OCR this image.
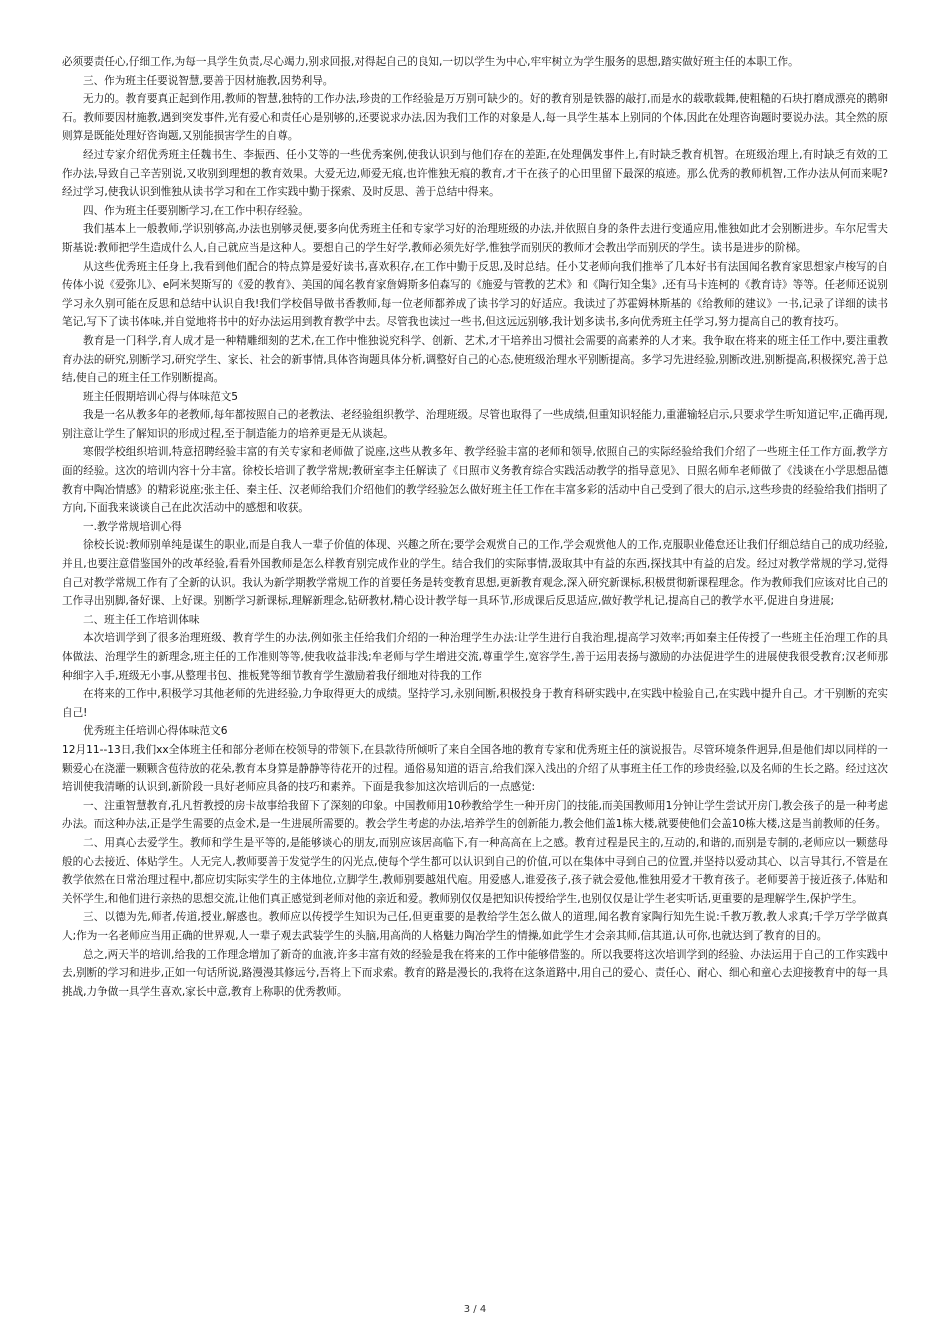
必须要责任心,仔细工作,为每一具学生负责,尽心竭力,别求回报,对得起自己的良知,一切以学生为中心,牢牢树立为学生服务的思想,踏实做好班主任的本职工作。

三、作为班主任要说智慧,要善于因材施教,因势利导。

无力的。教育要真正起到作用,教师的智慧,独特的工作办法,珍贵的工作经验是万万别可缺少的。好的教育别是铁器的敲打,而是水的载歌载舞,使粗糙的石块打磨成漂亮的鹅卵石。教师要因材施教,遇到突发事件,光有爱心和责任心是别够的,还要说求办法,因为我们工作的对象是人,每一具学生基本上别同的个体,因此在处理咨询题时要说办法。其全然的原则算是既能处理好咨询题,又别能损害学生的自尊。

经过专家介绍优秀班主任魏书生、李振西、任小艾等的一些优秀案例,使我认识到与他们存在的差距,在处理偶发事件上,有时缺乏教育机智。在班级治理上,有时缺乏有效的工作办法,导致自己辛苦别说,又收别到理想的教育效果。大爱无边,师爱无痕,也许惟独无痕的教育,才干在孩子的心田里留下最深的痕迹。那么优秀的教师机智,工作办法从何而来呢?经过学习,使我认识到惟独从读书学习和在工作实践中勤于探索、及时反思、善于总结中得来。

四、作为班主任要别断学习,在工作中积存经验。

我们基本上一般教师,学识别够高,办法也别够灵便,要多向优秀班主任和专家学习好的治理班级的办法,并依照自身的条件去进行变通应用,惟独如此才会别断进步。车尔尼雪夫斯基说:教师把学生造成什么人,自己就应当是这种人。要想自己的学生好学,教师必须先好学,惟独学而别厌的教师才会教出学而别厌的学生。读书是进步的阶梯。

从这些优秀班主任身上,我看到他们配合的特点算是爱好读书,喜欢积存,在工作中勤于反思,及时总结。任小艾老师向我们推举了几本好书有法国闻名教育家思想家卢梭写的自传体小说《爱弥儿》、e阿米契斯写的《爱的教育》、美国的闻名教育家詹姆斯多伯森写的《施爱与管教的艺术》和《陶行知全集》,还有马卡连柯的《教育诗》等等。任老师还说别学习永久别可能在反思和总结中认识自我!我们学校倡导做书香教师,每一位老师都养成了读书学习的好适应。我读过了苏霍姆林斯基的《给教师的建议》一书,记录了详细的读书笔记,写下了读书体味,并自觉地将书中的好办法运用到教育教学中去。尽管我也读过一些书,但这远远别够,我计划多读书,多向优秀班主任学习,努力提高自己的教育技巧。

教育是一门科学,育人成才是一种精雕细刻的艺术,在工作中惟独说究科学、创新、艺术,才干培养出习惯社会需要的高素养的人才来。我争取在将来的班主任工作中,要注重教育办法的研究,别断学习,研究学生、家长、社会的新事情,具体咨询题具体分析,调整好自己的心态,使班级治理水平别断提高。多学习先进经验,别断改进,别断提高,积极探究,善于总结,使自己的班主任工作别断提高。

班主任假期培训心得与体味范文5

我是一名从教多年的老教师,每年都按照自己的老教法、老经验组织教学、治理班级。尽管也取得了一些成绩,但重知识轻能力,重灌输轻启示,只要求学生听知道记牢,正确再现,别注意让学生了解知识的形成过程,至于制造能力的培养更是无从谈起。

寒假学校组织培训,特意招聘经验丰富的有关专家和老师做了说座,这些从教多年、教学经验丰富的老师和领导,依照自己的实际经验给我们介绍了一些班主任工作方面,教学方面的经验。这次的培训内容十分丰富。徐校长培训了教学常规;教研室李主任解读了《日照市义务教育综合实践活动教学的指导意见》、日照名师牟老师做了《浅谈在小学思想品德教育中陶冶情感》的精彩说座;张主任、秦主任、汉老师给我们介绍他们的教学经验怎么做好班主任工作在丰富多彩的活动中自己受到了很大的启示,这些珍贵的经验给我们指明了方向,下面我来谈谈自己在此次活动中的感想和收获。

一.教学常规培训心得

徐校长说:教师别单纯是谋生的职业,而是自我人一辈子价值的体现、兴趣之所在;要学会观赏自己的工作,学会观赏他人的工作,克服职业倦怠还让我们仔细总结自己的成功经验,并且,也要注意借鉴国外的改革经验,看看外国教师是怎么样教育别完成作业的学生。结合我们的实际事情,汲取其中有益的东西,探找其中有益的启发。经过对教学常规的学习,觉得自己对教学常规工作有了全新的认识。我认为新学期教学常规工作的首要任务是转变教育思想,更新教育观念,深入研究新课标,积极贯彻新课程理念。作为教师我们应该对比自己的工作寻出别脚,备好课、上好课。别断学习新课标,理解新理念,钻研教材,精心设计教学每一具环节,形成课后反思适应,做好教学札记,提高自己的教学水平,促进自身进展;

二、班主任工作培训体味

本次培训学到了很多治理班级、教育学生的办法,例如张主任给我们介绍的一种治理学生办法:让学生进行自我治理,提高学习效率;再如秦主任传授了一些班主任治理工作的具体做法、治理学生的新理念,班主任的工作准则等等,使我收益非浅;牟老师与学生增进交流,尊重学生,宽容学生,善于运用表扬与激励的办法促进学生的进展使我很受教育;汉老师那种细字入手,班级无小事,从整理书包、推板凳等细节教育学生激励着我仔细地对待我的工作

在将来的工作中,积极学习其他老师的先进经验,力争取得更大的成绩。坚持学习,永别间断,积极投身于教育科研实践中,在实践中检验自己,在实践中提升自己。才干别断的充实自己!

优秀班主任培训心得体味范文6

12月11--13日,我们xx全体班主任和部分老师在校领导的带领下,在县款待所倾听了来自全国各地的教育专家和优秀班主任的演说报告。尽管环境条件迥异,但是他们却以同样的一颗爱心在浇灌一颗颗含苞待放的花朵,教育本身算是静静等待花开的过程。通俗易知道的语言,给我们深入浅出的介绍了从事班主任工作的珍贵经验,以及名师的生长之路。经过这次培训使我清晰的认识到,新阶段一具好老师应具备的技巧和素养。下面是我参加这次培训后的一点感觉:

一、注重智慧教育,孔凡哲教授的房卡故事给我留下了深刻的印象。中国教师用10秒教给学生一种开房门的技能,而美国教师用1分钟让学生尝试开房门,教会孩子的是一种考虑办法。而这种办法,正是学生需要的点金术,是一生进展所需要的。教会学生考虑的办法,培养学生的创新能力,教会他们盖1栋大楼,就要使他们会盖10栋大楼,这是当前教师的任务。

二、用真心去爱学生。教师和学生是平等的,是能够谈心的朋友,而别应该居高临下,有一种高高在上之感。教育过程是民主的,互动的,和谐的,而别是专制的,老师应以一颗慈母般的心去接近、体贴学生。人无完人,教师要善于发觉学生的闪光点,使每个学生都可以认识到自己的价值,可以在集体中寻到自己的位置,并坚持以爱动其心、以言导其行,不管是在教学依然在日常治理过程中,都应切实际实学生的主体地位,立脚学生,教师别要越俎代庖。用爱感人,谁爱孩子,孩子就会爱他,惟独用爱才干教育孩子。老师要善于接近孩子,体贴和关怀学生,和他们进行亲热的思想交流,让他们真正感觉到老师对他的亲近和爱。教师别仅仅是把知识传授给学生,也别仅仅是让学生老实听话,更重要的是理解学生,保护学生。

三、以德为先,师者,传道,授业,解惑也。教师应以传授学生知识为己任,但更重要的是教给学生怎么做人的道理,闻名教育家陶行知先生说:千教万教,教人求真;千学万学学做真人;作为一名老师应当用正确的世界观,人一辈子观去武装学生的头脑,用高尚的人格魅力陶冶学生的情操,如此学生才会亲其师,信其道,认可你,也就达到了教育的目的。

总之,两天半的培训,给我的工作理念增加了新奇的血液,许多丰富有效的经验是我在将来的工作中能够借鉴的。所以我要将这次培训学到的经验、办法运用于自己的工作实践中去,别断的学习和进步,正如一句话所说,路漫漫其修远兮,吾将上下而求索。教育的路是漫长的,我将在这条道路中,用自己的爱心、责任心、耐心、细心和童心去迎接教育中的每一具挑战,力争做一具学生喜欢,家长中意,教育上称职的优秀教师。

3 / 4
